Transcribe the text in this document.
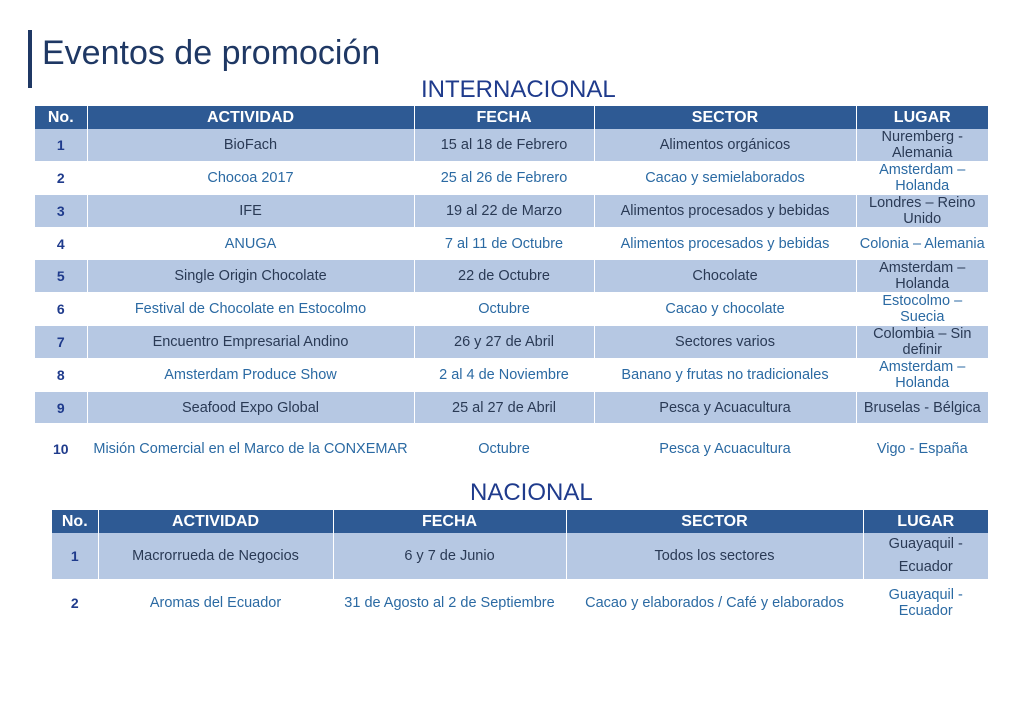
Eventos de promoción
INTERNACIONAL
No.	ACTIVIDAD	FECHA	SECTOR	LUGAR
1	BioFach	15 al 18 de Febrero	Alimentos orgánicos	Nuremberg - Alemania
2	Chocoa 2017	25 al 26 de Febrero	Cacao y semielaborados	Amsterdam – Holanda
3	IFE	19 al 22 de Marzo	Alimentos procesados y bebidas	Londres – Reino Unido
4	ANUGA	7 al 11 de Octubre	Alimentos procesados y bebidas	Colonia – Alemania
5	Single Origin Chocolate	22 de Octubre	Chocolate	Amsterdam – Holanda
6	Festival de Chocolate en Estocolmo	Octubre	Cacao y chocolate	Estocolmo – Suecia
7	Encuentro Empresarial Andino	26 y 27 de Abril	Sectores varios	Colombia – Sin definir
8	Amsterdam Produce Show	2 al 4 de Noviembre	Banano y frutas no tradicionales	Amsterdam – Holanda
9	Seafood Expo Global	25 al 27 de Abril	Pesca y Acuacultura	Bruselas - Bélgica
10	Misión Comercial en el Marco de la CONXEMAR	Octubre	Pesca y Acuacultura	Vigo - España
NACIONAL
No.	ACTIVIDAD	FECHA	SECTOR	LUGAR
1	Macrorrueda de Negocios	6 y 7 de Junio	Todos los sectores	Guayaquil - Ecuador
2	Aromas del Ecuador	31 de Agosto al 2 de Septiembre	Cacao y elaborados / Café y elaborados	Guayaquil - Ecuador
